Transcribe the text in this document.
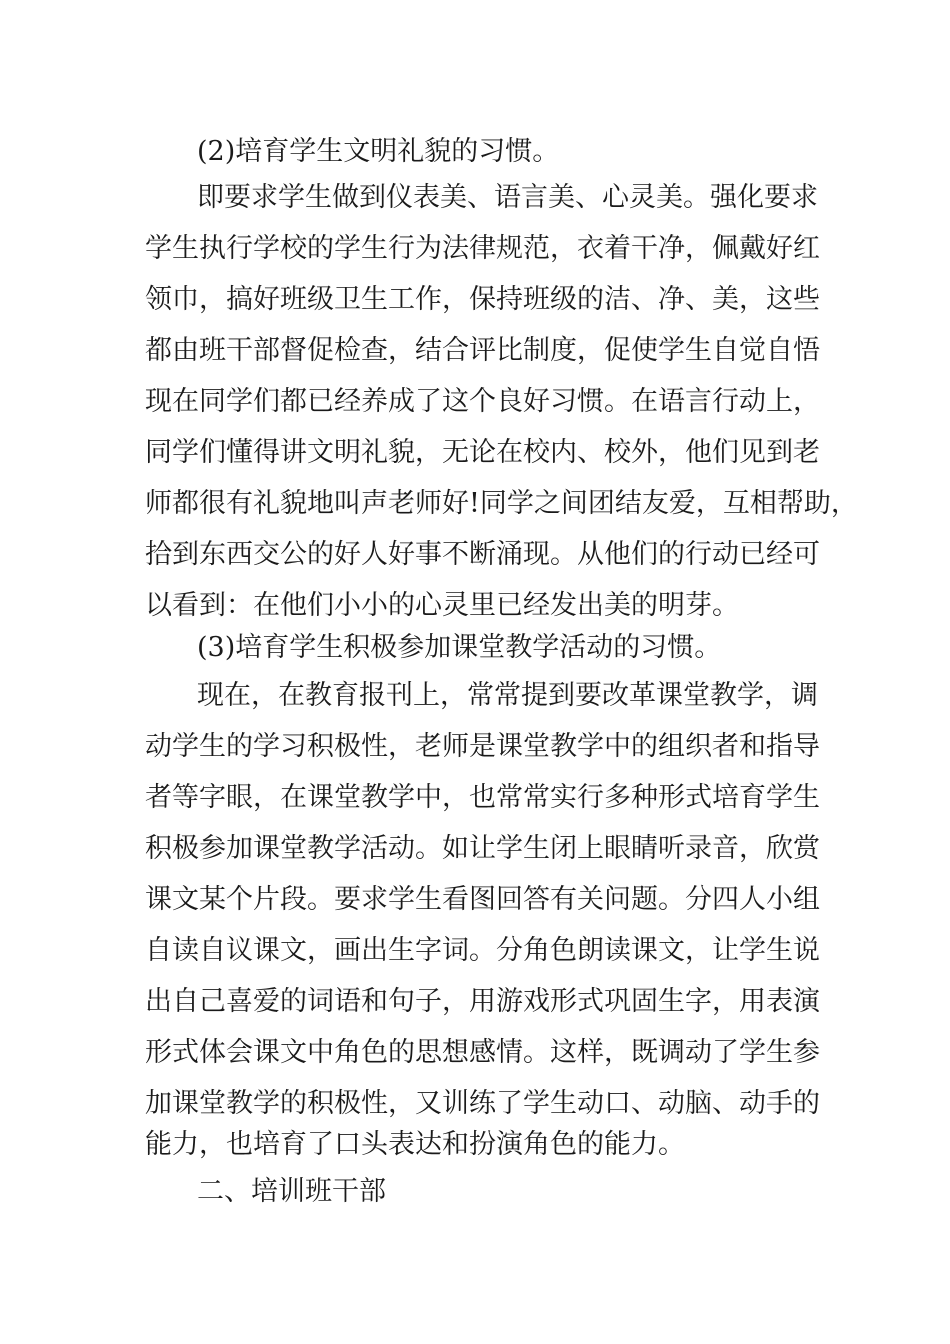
(2)培育学生文明礼貌的习惯。
即要求学生做到仪表美、语言美、心灵美。强化要求
学生执行学校的学生行为法律规范，衣着干净，佩戴好红
领巾，搞好班级卫生工作，保持班级的洁、净、美，这些
都由班干部督促检查，结合评比制度，促使学生自觉自悟
现在同学们都已经养成了这个良好习惯。在语言行动上，
同学们懂得讲文明礼貌，无论在校内、校外，他们见到老
师都很有礼貌地叫声老师好!同学之间团结友爱，互相帮助，
拾到东西交公的好人好事不断涌现。从他们的行动已经可
以看到：在他们小小的心灵里已经发出美的明芽。
(3)培育学生积极参加课堂教学活动的习惯。
现在，在教育报刊上，常常提到要改革课堂教学，调
动学生的学习积极性，老师是课堂教学中的组织者和指导
者等字眼，在课堂教学中，也常常实行多种形式培育学生
积极参加课堂教学活动。如让学生闭上眼睛听录音，欣赏
课文某个片段。要求学生看图回答有关问题。分四人小组
自读自议课文，画出生字词。分角色朗读课文，让学生说
出自己喜爱的词语和句子，用游戏形式巩固生字，用表演
形式体会课文中角色的思想感情。这样，既调动了学生参
加课堂教学的积极性，又训练了学生动口、动脑、动手的
能力，也培育了口头表达和扮演角色的能力。
二、培训班干部
